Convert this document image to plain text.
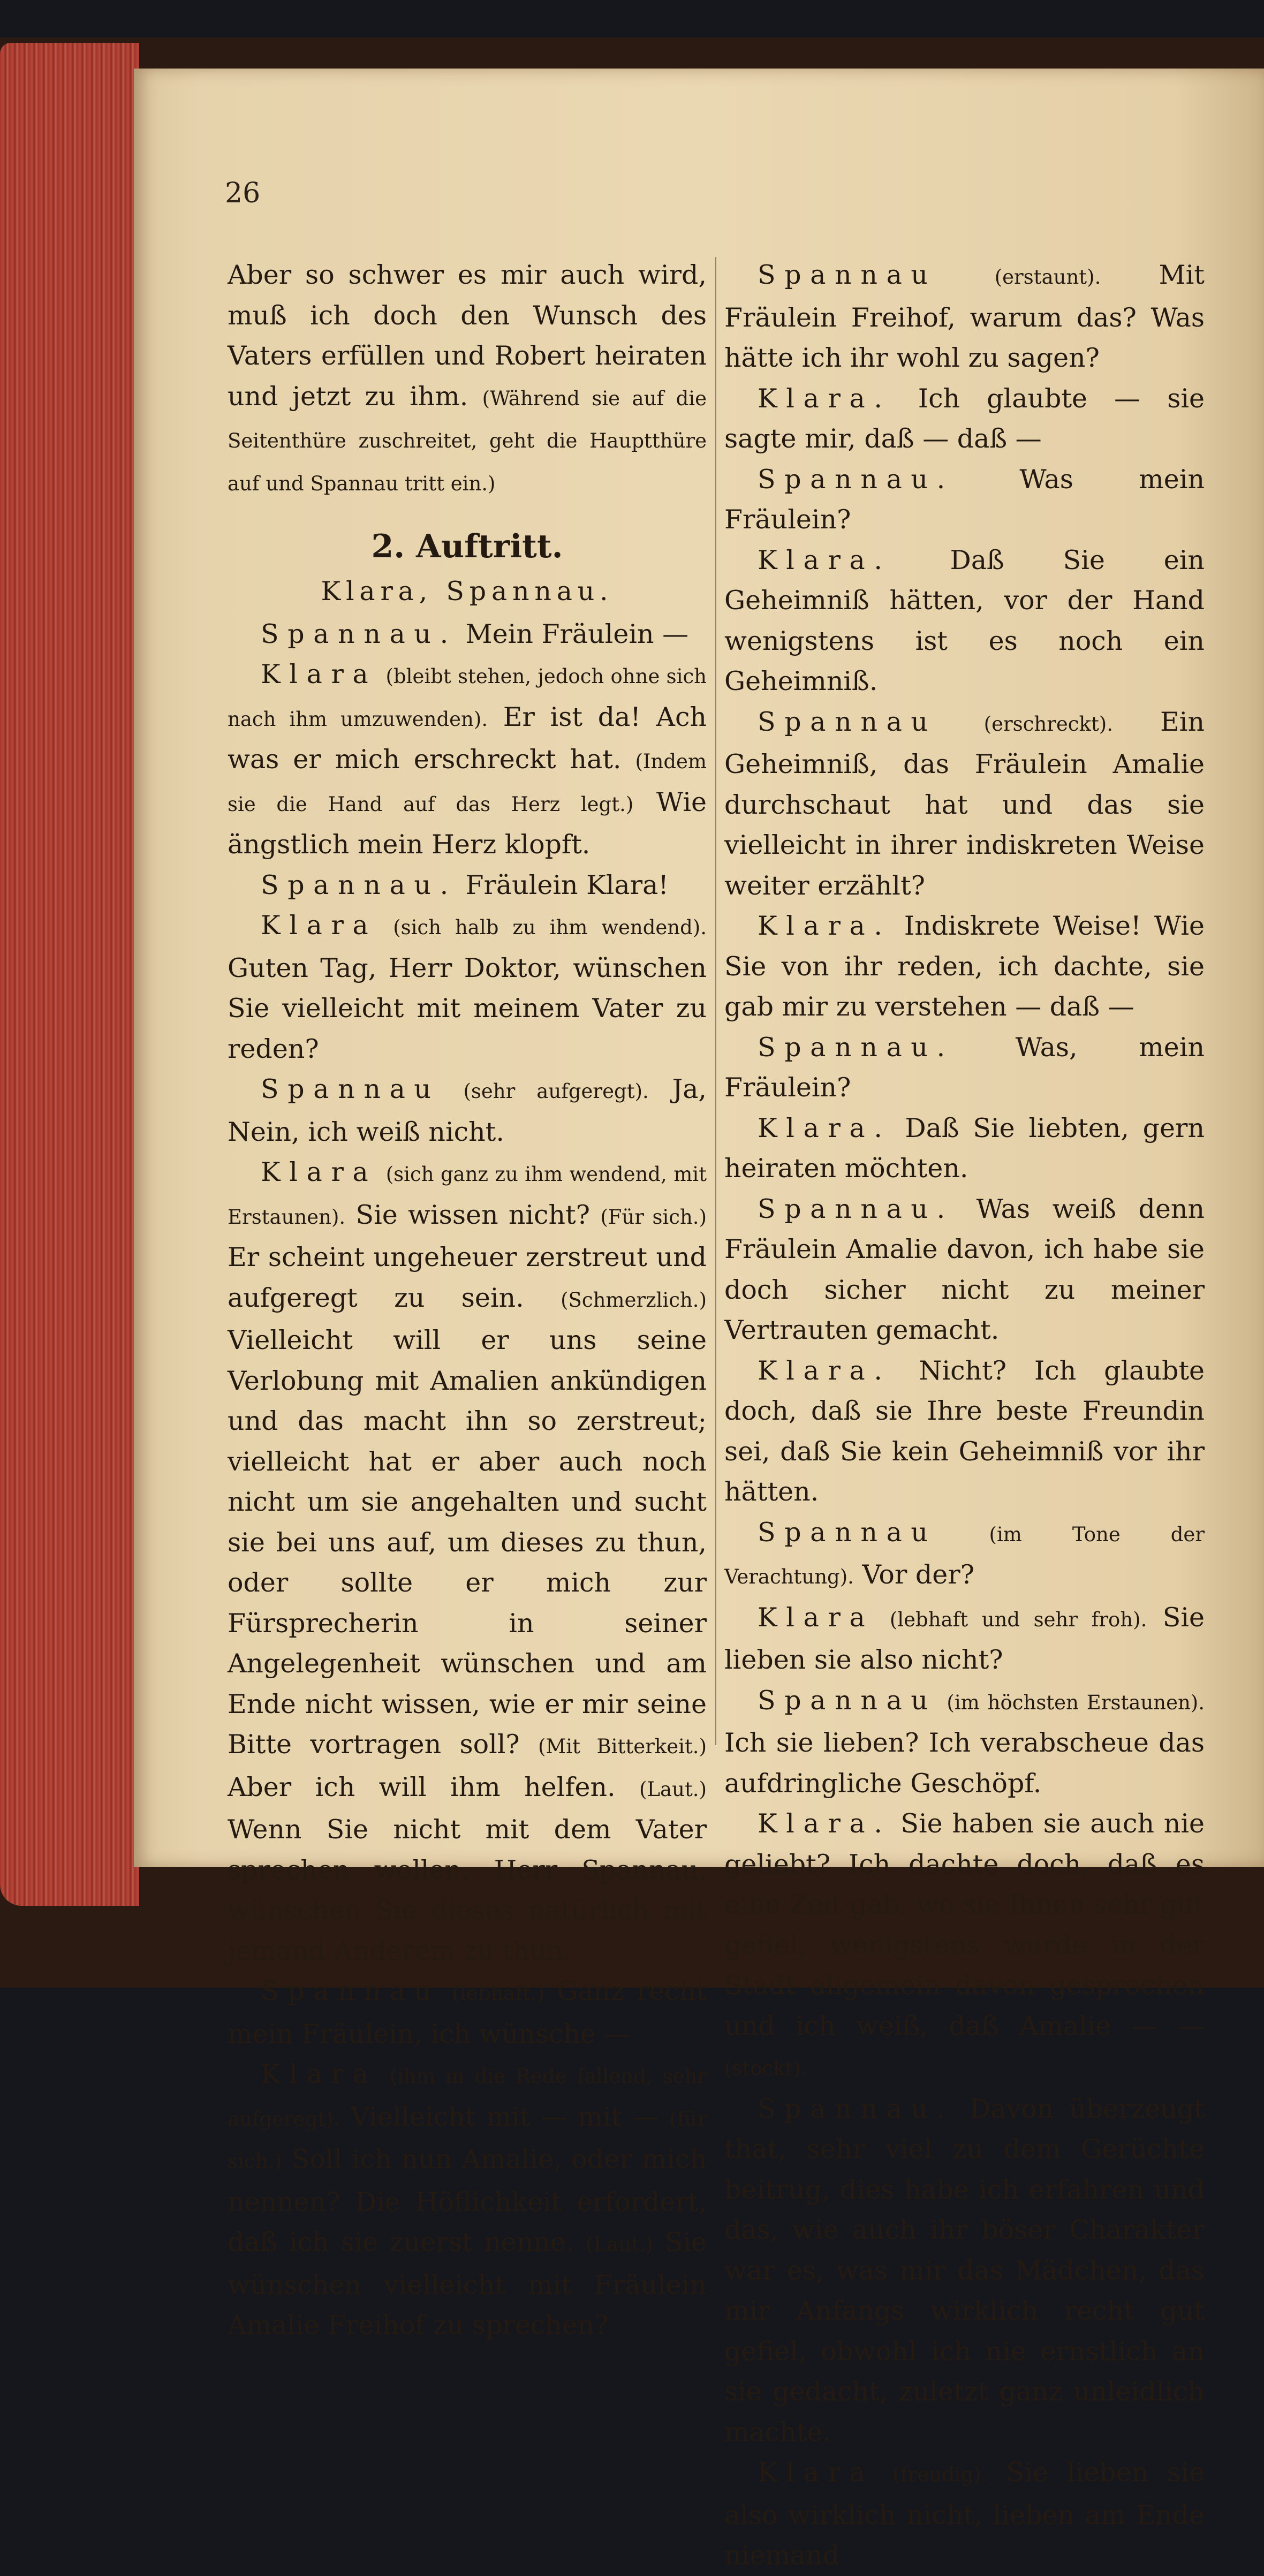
26
Aber so schwer es mir auch wird, muß ich doch den Wunsch des Vaters erfüllen und Robert heiraten und jetzt zu ihm. (Während sie auf die Seitenthüre zuschreitet, geht die Hauptthüre auf und Spannau tritt ein.)
2. Auftritt.
Klara, Spannau.
Spannau. Mein Fräulein —
Klara (bleibt stehen, jedoch ohne sich nach ihm umzuwenden). Er ist da! Ach was er mich erschreckt hat. (Indem sie die Hand auf das Herz legt.) Wie ängstlich mein Herz klopft.
Spannau. Fräulein Klara!
Klara (sich halb zu ihm wendend). Guten Tag, Herr Doktor, wünschen Sie vielleicht mit meinem Vater zu reden?
Spannau (sehr aufgeregt). Ja, Nein, ich weiß nicht.
Klara (sich ganz zu ihm wendend, mit Erstaunen). Sie wissen nicht? (Für sich.) Er scheint ungeheuer zerstreut und aufgeregt zu sein. (Schmerzlich.) Vielleicht will er uns seine Verlobung mit Amalien ankündigen und das macht ihn so zerstreut; vielleicht hat er aber auch noch nicht um sie angehalten und sucht sie bei uns auf, um dieses zu thun, oder sollte er mich zur Fürsprecherin in seiner Angelegenheit wünschen und am Ende nicht wissen, wie er mir seine Bitte vortragen soll? (Mit Bitterkeit.) Aber ich will ihm helfen. (Laut.) Wenn Sie nicht mit dem Vater sprechen wollen, Herr Spannau, wünschen Sie dieses natürlich mit jemand Anderem zu thun.
Spannau (lebhaft.) Ganz recht mein Fräulein, ich wünsche —
Klara (ihm in die Rede fallend, sehr aufgeregt). Vielleicht mit — mit — (für sich.) Soll ich nun Amalie, oder mich nennen? Die Höflichkeit erfordert, daß ich sie zuerst nenne. (Laut.) Sie wünschen vielleicht mit Fräulein Amalie Freihof zu sprechen?
Spannau	(erstaunt). Mit Fräulein Freihof, warum das? Was hätte ich ihr wohl zu sagen?
Klara. Ich glaubte — sie sagte mir, daß — daß —
Spannau. Was mein Fräulein?
Klara. Daß Sie ein Geheimniß hätten, vor der Hand wenigstens ist es noch ein Geheimniß.
Spannau (erschreckt). Ein Geheimniß, das Fräulein Amalie durchschaut hat und das sie vielleicht in ihrer indiskreten Weise weiter erzählt?
Klara. Indiskrete Weise! Wie Sie von ihr reden, ich dachte, sie gab mir zu verstehen — daß —
Spannau. Was, mein Fräulein?
Klara. Daß Sie liebten, gern heiraten möchten.
Spannau. Was weiß denn Fräulein Amalie davon, ich habe sie doch sicher nicht zu meiner Vertrauten gemacht.
Klara. Nicht? Ich glaubte doch, daß sie Ihre beste Freundin sei, daß Sie kein Geheimniß vor ihr hätten.
Spannau	(im Tone der Verachtung). Vor der?
Klara (lebhaft und sehr froh). Sie lieben sie also nicht?
Spannau (im höchsten Erstaunen). Ich sie lieben? Ich verabscheue das aufdringliche Geschöpf.
Klara. Sie haben sie auch nie geliebt? Ich dachte doch, daß es eine Zeit gab, wo sie Ihnen sehr gut gefiel, wenigstens wurde in der Stadt allgemein davon gesprochen und ich weiß, daß Amalie — — (stockt).
Spannau. Davon überzeugt that, sehr viel zu dem Gerüchte beitrug, dies habe ich erfahren und das, wie auch ihr böser Charakter war es, was mir das Mädchen, das mir Anfangs wirklich recht gut gefiel, obwohl ich nie ernstlich an sie gedacht, zuletzt ganz unleidlich machte.
Klara (freudig). Sie lieben sie also wirklich nicht, lieben am Ende niemand
